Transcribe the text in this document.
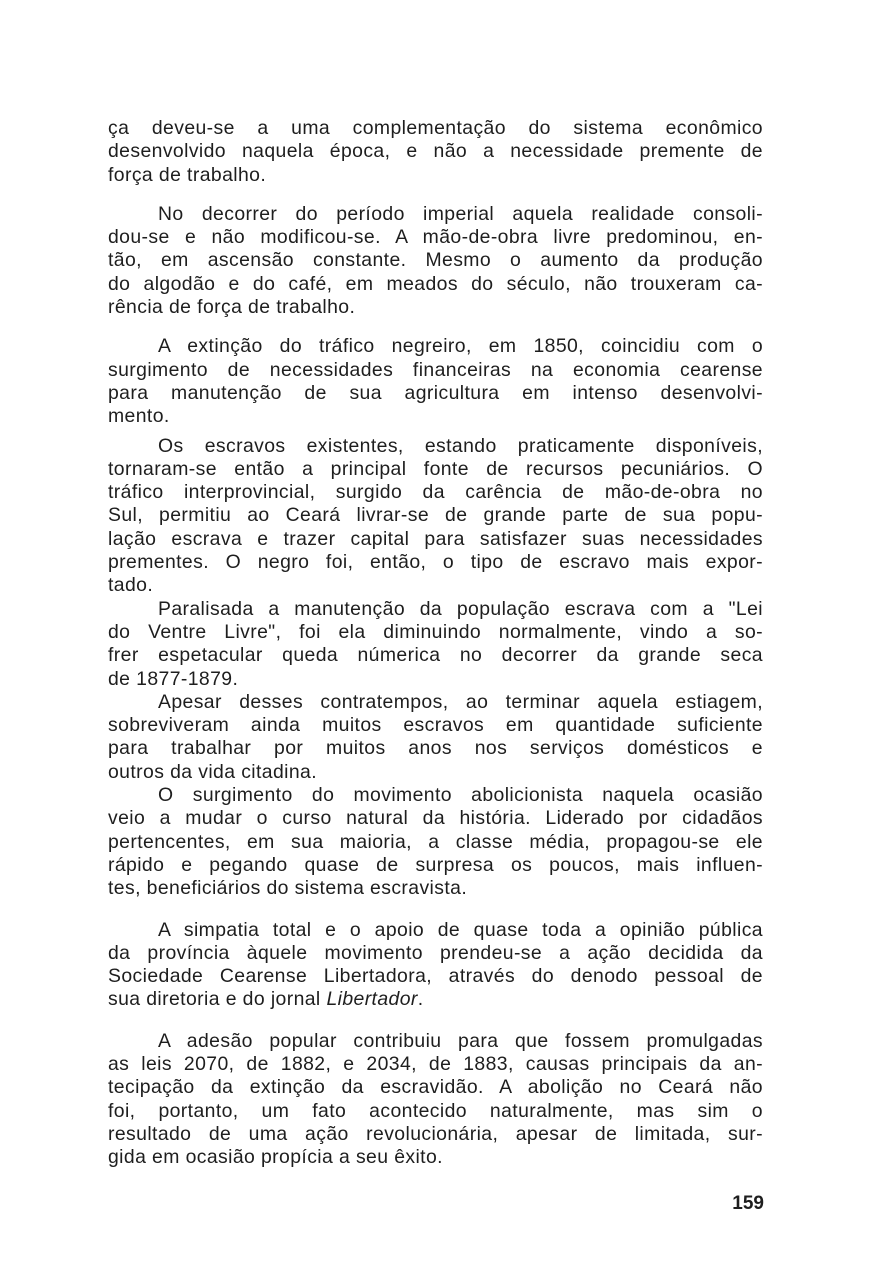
ça deveu-se a uma complementação do sistema econômico
desenvolvido naquela época, e não a necessidade premente de
força de trabalho.
No decorrer do período imperial aquela realidade consoli-
dou-se e não modificou-se. A mão-de-obra livre predominou, en-
tão, em ascensão constante. Mesmo o aumento da produção
do algodão e do café, em meados do século, não trouxeram ca-
rência de força de trabalho.
A extinção do tráfico negreiro, em 1850, coincidiu com o
surgimento de necessidades financeiras na economia cearense
para manutenção de sua agricultura em intenso desenvolvi-
mento.
Os escravos existentes, estando praticamente disponíveis,
tornaram-se então a principal fonte de recursos pecuniários. O
tráfico interprovincial, surgido da carência de mão-de-obra no
Sul, permitiu ao Ceará livrar-se de grande parte de sua popu-
lação escrava e trazer capital para satisfazer suas necessidades
prementes. O negro foi, então, o tipo de escravo mais expor-
tado.
Paralisada a manutenção da população escrava com a "Lei
do Ventre Livre", foi ela diminuindo normalmente, vindo a so-
frer espetacular queda númerica no decorrer da grande seca
de 1877-1879.
Apesar desses contratempos, ao terminar aquela estiagem,
sobreviveram ainda muitos escravos em quantidade suficiente
para trabalhar por muitos anos nos serviços domésticos e
outros da vida citadina.
O surgimento do movimento abolicionista naquela ocasião
veio a mudar o curso natural da história. Liderado por cidadãos
pertencentes, em sua maioria, a classe média, propagou-se ele
rápido e pegando quase de surpresa os poucos, mais influen-
tes, beneficiários do sistema escravista.
A simpatia total e o apoio de quase toda a opinião pública
da província àquele movimento prendeu-se a ação decidida da
Sociedade Cearense Libertadora, através do denodo pessoal de
sua diretoria e do jornal Libertador.
A adesão popular contribuiu para que fossem promulgadas
as leis 2070, de 1882, e 2034, de 1883, causas principais da an-
tecipação da extinção da escravidão. A abolição no Ceará não
foi, portanto, um fato acontecido naturalmente, mas sim o
resultado de uma ação revolucionária, apesar de limitada, sur-
gida em ocasião propícia a seu êxito.
159
